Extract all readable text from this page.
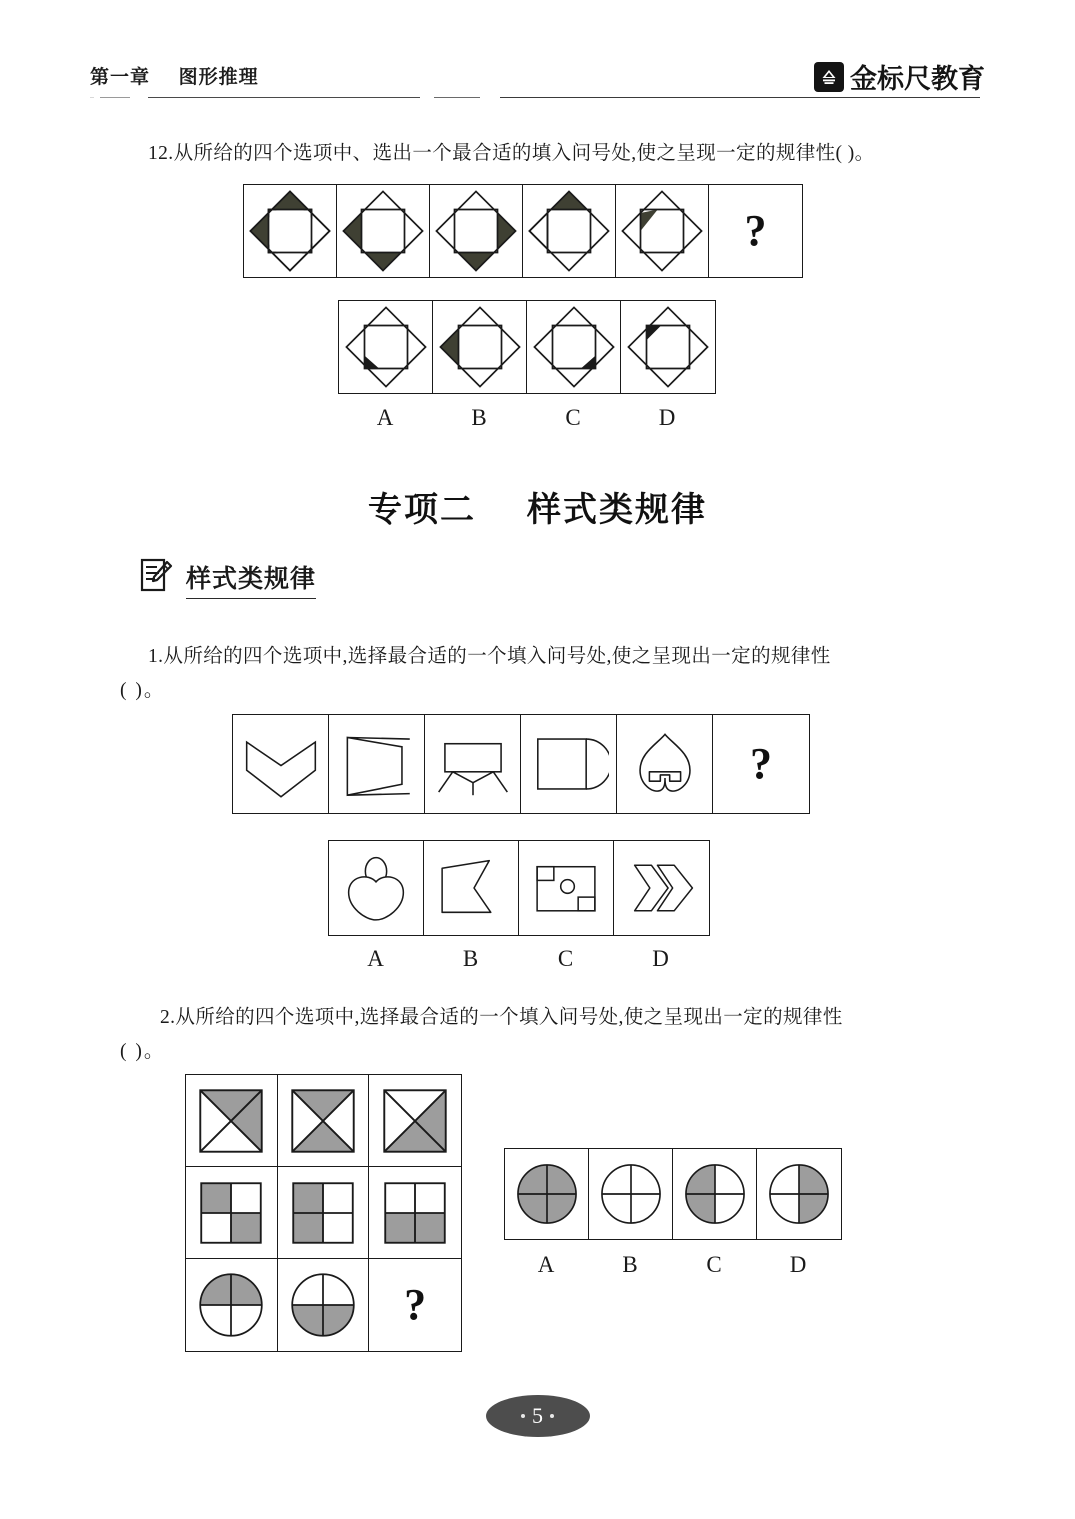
第一章 图形推理	金标尺教育
12.从所给的四个选项中、选出一个最合适的填入问号处,使之呈现一定的规律性( )。
?
A	B	C	D
专项二 样式类规律
样式类规律
1.从所给的四个选项中,选择最合适的一个填入问号处,使之呈现出一定的规律性
( )。
?
A	B	C	D
2.从所给的四个选项中,选择最合适的一个填入问号处,使之呈现出一定的规律性
( )。
?
A	B	C	D
5
